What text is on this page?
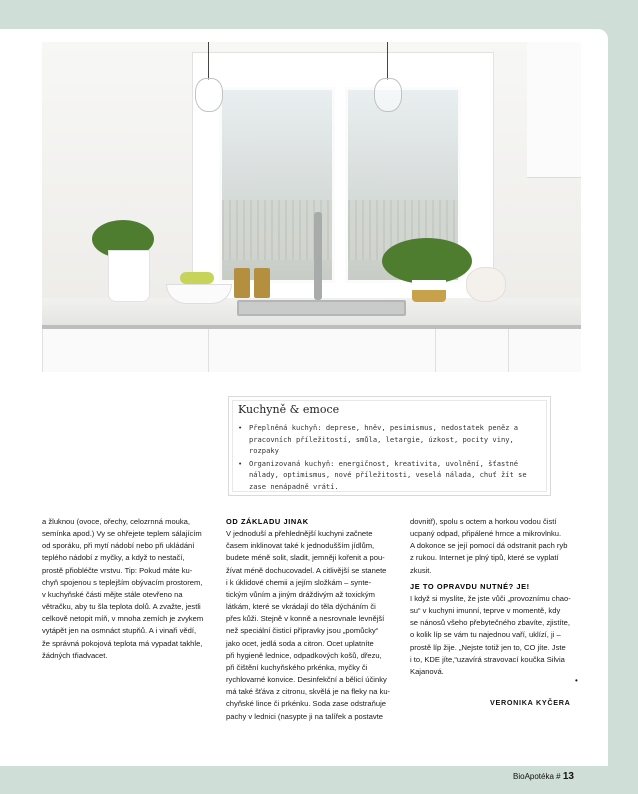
Kuchyně & emoce
• Přeplněná kuchyň: deprese, hněv, pesimismus, nedostatek peněz a pracovních příležitostí, smůla, letargie, úzkost, pocity viny, rozpaky
• Organizovaná kuchyň: energičnost, kreativita, uvolnění, šťastné nálady, optimismus, nové příležitosti, veselá nálada, chuť žít se zase nenápadně vrátí.

a žluknou (ovoce, ořechy, celozrnná mouka,

semínka apod.) Vy se ohřejete teplem sálajícím

od sporáku, při mytí nádobí nebo při ukládání

teplého nádobí z myčky, a když to nestačí,

prostě přiobléčte vrstvu. Tip: Pokud máte ku-

chyň spojenou s teplejším obývacím prostorem,

v kuchyňské části mějte stále otevřeno na

větračku, aby tu šla teplota dolů. A zvažte, jestli

celkově netopit míň, v mnoha zemích je zvykem

vytápět jen na osmnáct stupňů. A i vinaři vědí,

že správná pokojová teplota má vypadat takhle,

žádných třiadvacet.

OD ZÁKLADU JINAK

V jednoduší a přehlednější kuchyni začnete

časem inklinovat také k jednodušším jídlům,

budete méně solit, sladit, jemněji kořenit a pou-

žívat méně dochucovadel. A citlivější se stanete

i k úklidové chemii a jejím složkám – synte-

tickým vůním a jiným dráždivým až toxickým

látkám, které se vkrádají do těla dýcháním či

přes kůži. Stejně v konně a nesrovnale levnější

než speciální čisticí přípravky jsou „pomůcky“

jako ocet, jedlá soda a citron. Ocet uplatníte

při hygieně lednice, odpadkových košů, dřezu,

při čištění kuchyňského prkénka, myčky či

rychlovarné konvice. Desinfekční a bělicí účinky

má také šťáva z citronu, skvělá je na fleky na ku-

chyňské lince či prkénku. Soda zase odstraňuje

pachy v lednici (nasypte ji na talířek a postavte

dovnitř), spolu s octem a horkou vodou čistí

ucpaný odpad, připálené hrnce a mikrovlnku.

A dokonce se její pomocí dá odstranit pach ryb

z rukou. Internet je plný tipů, které se vyplatí

zkusit.

JE TO OPRAVDU NUTNÉ? JE!

I když si myslíte, že jste vůči „provoznímu chao-

su“ v kuchyni imunní, teprve v momentě, kdy

se nánosů všeho přebytečného zbavíte, zjistíte,

o kolik líp se vám tu najednou vaří, uklízí, ji –

prostě líp žije. „Nejste totiž jen to, CO jíte. Jste

i to, KDE jíte,“uzavírá stravovací koučka Silvia

Kajanová.

•
VERONIKA KYČERA
BioApotéka # 13
